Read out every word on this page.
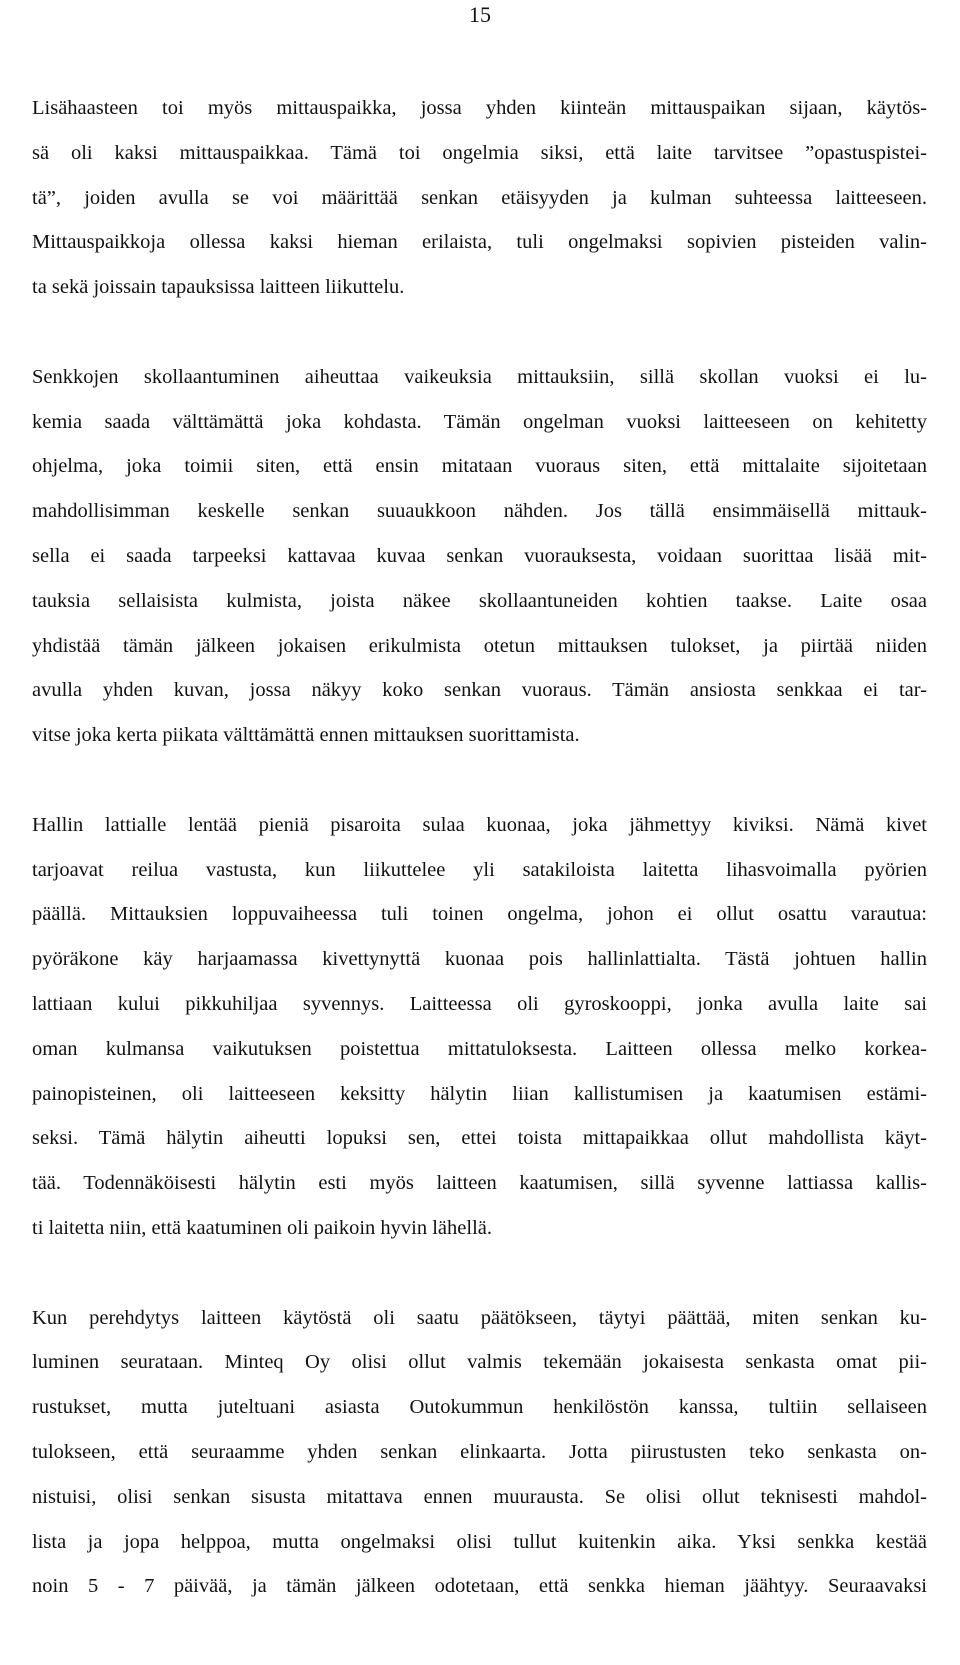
15
Lisähaasteen toi myös mittauspaikka, jossa yhden kiinteän mittauspaikan sijaan, käytös-
sä oli kaksi mittauspaikkaa. Tämä toi ongelmia siksi, että laite tarvitsee ”opastuspistei-
tä”, joiden avulla se voi määrittää senkan etäisyyden ja kulman suhteessa laitteeseen.
Mittauspaikkoja ollessa kaksi hieman erilaista, tuli ongelmaksi sopivien pisteiden valin-
ta sekä joissain tapauksissa laitteen liikuttelu.
Senkkojen skollaantuminen aiheuttaa vaikeuksia mittauksiin, sillä skollan vuoksi ei lu-
kemia saada välttämättä joka kohdasta. Tämän ongelman vuoksi laitteeseen on kehitetty
ohjelma, joka toimii siten, että ensin mitataan vuoraus siten, että mittalaite sijoitetaan
mahdollisimman keskelle senkan suuaukkoon nähden. Jos tällä ensimmäisellä mittauk-
sella ei saada tarpeeksi kattavaa kuvaa senkan vuorauksesta, voidaan suorittaa lisää mit-
tauksia sellaisista kulmista, joista näkee skollaantuneiden kohtien taakse. Laite osaa
yhdistää tämän jälkeen jokaisen erikulmista otetun mittauksen tulokset, ja piirtää niiden
avulla yhden kuvan, jossa näkyy koko senkan vuoraus. Tämän ansiosta senkkaa ei tar-
vitse joka kerta piikata välttämättä ennen mittauksen suorittamista.
Hallin lattialle lentää pieniä pisaroita sulaa kuonaa, joka jähmettyy kiviksi. Nämä kivet
tarjoavat reilua vastusta, kun liikuttelee yli satakiloista laitetta lihasvoimalla pyörien
päällä. Mittauksien loppuvaiheessa tuli toinen ongelma, johon ei ollut osattu varautua:
pyöräkone käy harjaamassa kivettynyttä kuonaa pois hallinlattialta. Tästä johtuen hallin
lattiaan kului pikkuhiljaa syvennys. Laitteessa oli gyroskooppi, jonka avulla laite sai
oman kulmansa vaikutuksen poistettua mittatuloksesta. Laitteen ollessa melko korkea-
painopisteinen, oli laitteeseen keksitty hälytin liian kallistumisen ja kaatumisen estämi-
seksi. Tämä hälytin aiheutti lopuksi sen, ettei toista mittapaikkaa ollut mahdollista käyt-
tää. Todennäköisesti hälytin esti myös laitteen kaatumisen, sillä syvenne lattiassa kallis-
ti laitetta niin, että kaatuminen oli paikoin hyvin lähellä.
Kun perehdytys laitteen käytöstä oli saatu päätökseen, täytyi päättää, miten senkan ku-
luminen seurataan. Minteq Oy olisi ollut valmis tekemään jokaisesta senkasta omat pii-
rustukset, mutta juteltuani asiasta Outokummun henkilöstön kanssa, tultiin sellaiseen
tulokseen, että seuraamme yhden senkan elinkaarta. Jotta piirustusten teko senkasta on-
nistuisi, olisi senkan sisusta mitattava ennen muurausta. Se olisi ollut teknisesti mahdol-
lista ja jopa helppoa, mutta ongelmaksi olisi tullut kuitenkin aika. Yksi senkka kestää
noin 5 - 7 päivää, ja tämän jälkeen odotetaan, että senkka hieman jäähtyy. Seuraavaksi
